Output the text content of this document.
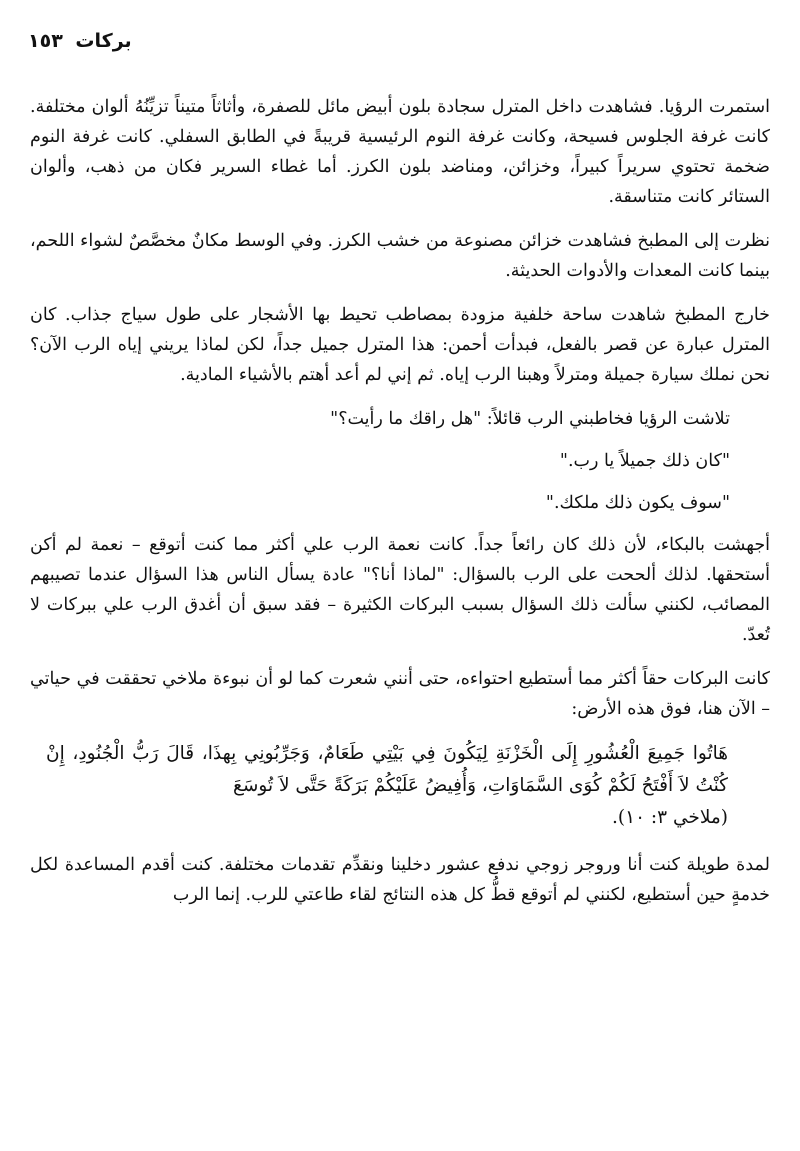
بركات ١٥٣

استمرت الرؤيا. فشاهدت داخل المترل سجادة بلون أبيض مائل للصفرة، وأثاثاً متيناً تزيِّنُهُ ألوان مختلفة. كانت غرفة الجلوس فسيحة، وكانت غرفة النوم الرئيسية قريبةً في الطابق السفلي. كانت غرفة النوم ضخمة تحتوي سريراً كبيراً، وخزائن، ومناضد بلون الكرز. أما غطاء السرير فكان من ذهب، وألوان الستائر كانت متناسقة.

نظرت إلى المطبخ فشاهدت خزائن مصنوعة من خشب الكرز. وفي الوسط مكانٌ مخصَّصٌ لشواء اللحم، بينما كانت المعدات والأدوات الحديثة.

خارج المطبخ شاهدت ساحة خلفية مزودة بمصاطب تحيط بها الأشجار على طول سياج جذاب. كان المترل عبارة عن قصر بالفعل، فبدأت أحمن: هذا المترل جميل جداً، لكن لماذا يريني إياه الرب الآن؟ نحن نملك سيارة جميلة ومترلاً وهبنا الرب إياه. ثم إني لم أعد أهتم بالأشياء المادية.

تلاشت الرؤيا فخاطبني الرب قائلاً: "هل راقك ما رأيت؟"

"كان ذلك جميلاً يا رب."

"سوف يكون ذلك ملكك."

أجهشت بالبكاء، لأن ذلك كان رائعاً جداً. كانت نعمة الرب علي أكثر مما كنت أتوقع – نعمة لم أكن أستحقها. لذلك ألححت على الرب بالسؤال: "لماذا أنا؟" عادة يسأل الناس هذا السؤال عندما تصيبهم المصائب، لكنني سألت ذلك السؤال بسبب البركات الكثيرة – فقد سبق أن أغدق الرب علي ببركات لا تُعدّ.

كانت البركات حقاً أكثر مما أستطيع احتواءه، حتى أنني شعرت كما لو أن نبوءة ملاخي تحققت في حياتي – الآن هنا، فوق هذه الأرض:

هَاتُوا جَمِيعَ الْعُشُورِ إِلَى الْخَزْنَةِ لِيَكُونَ فِي بَيْتِي طَعَامٌ، وَجَرِّبُونِي بِهذَا، قَالَ رَبُّ الْجُنُودِ، إِنْ كُنْتُ لاَ أَفْتَحُ لَكُمْ كُوَى السَّمَاوَاتِ، وَأُفِيضُ عَلَيْكُمْ بَرَكَةً حَتَّى لاَ تُوسَعَ
(ملاخي ٣: ١٠).

لمدة طويلة كنت أنا وروجر زوجي ندفع عشور دخلينا ونقدِّم تقدمات مختلفة. كنت أقدم المساعدة لكل خدمةٍ حين أستطيع، لكنني لم أتوقع قطُّ كل هذه النتائج لقاء طاعتي للرب. إنما الرب
